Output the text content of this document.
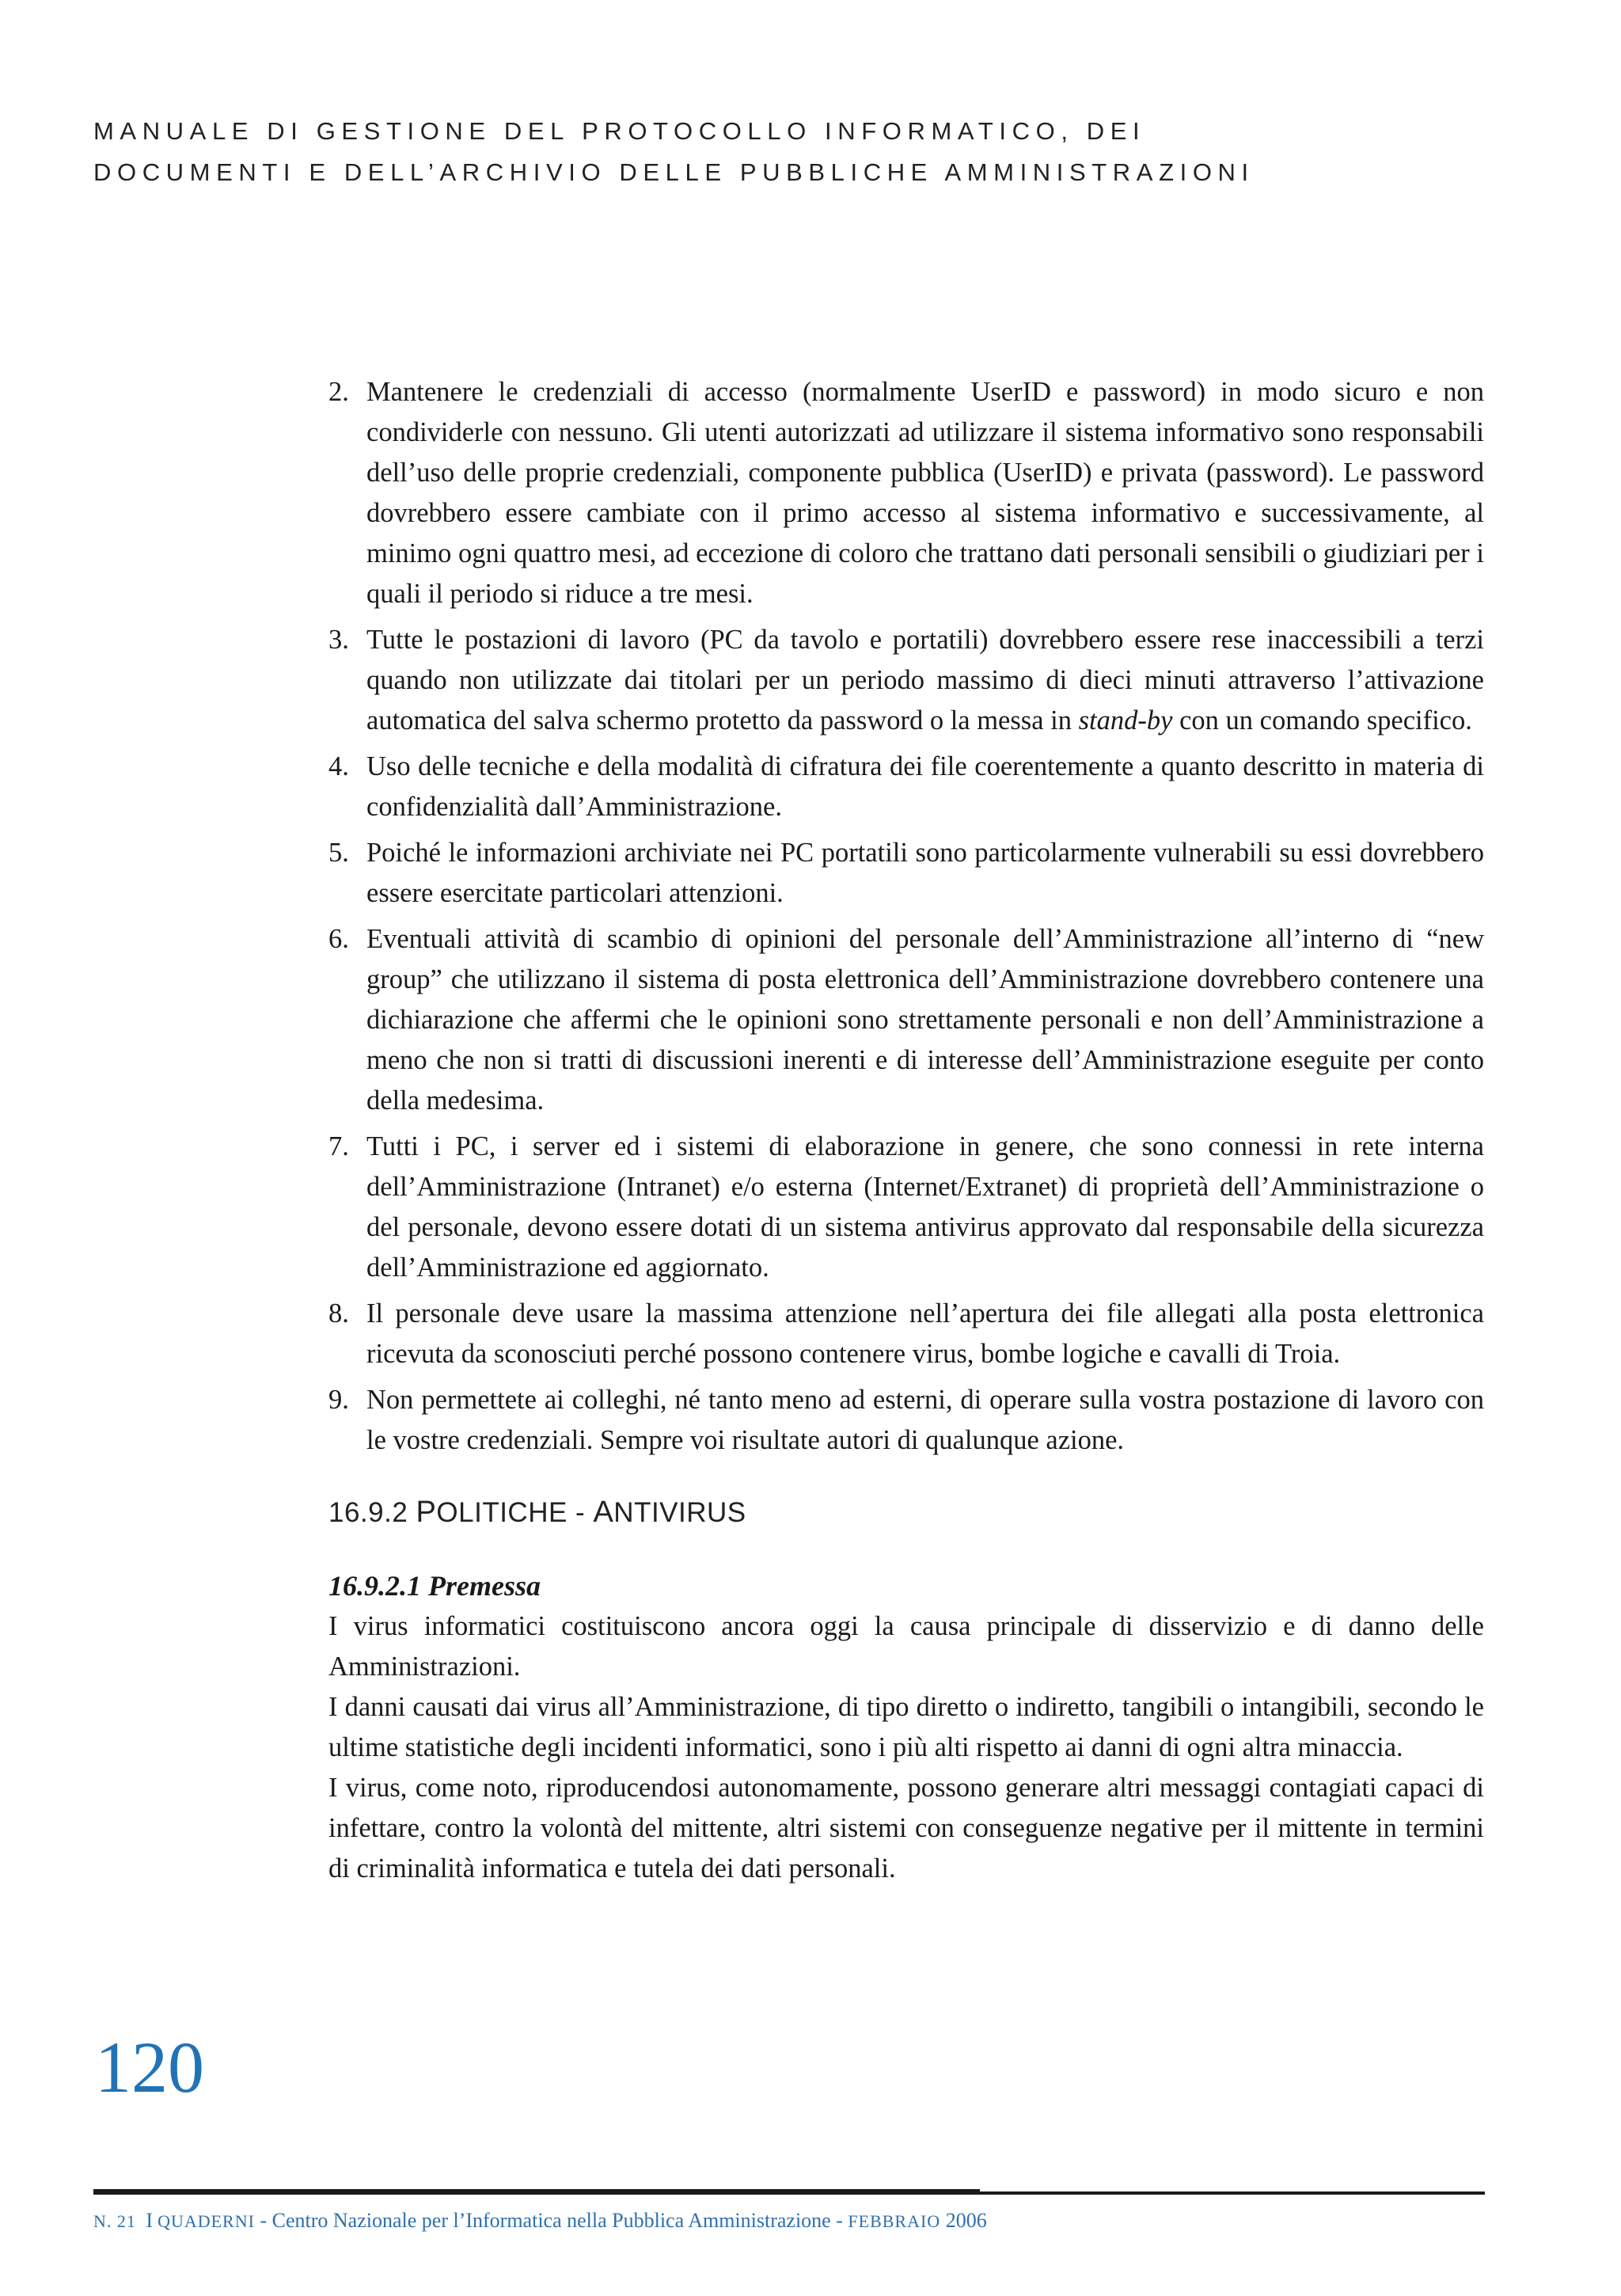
MANUALE DI GESTIONE DEL PROTOCOLLO INFORMATICO, DEI
DOCUMENTI E DELL’ARCHIVIO DELLE PUBBLICHE AMMINISTRAZIONI
2. Mantenere le credenziali di accesso (normalmente UserID e password) in modo sicuro e non condividerle con nessuno. Gli utenti autorizzati ad utilizzare il sistema informativo sono responsabili dell’uso delle proprie credenziali, componente pubblica (UserID) e privata (password). Le password dovrebbero essere cambiate con il primo accesso al sistema informativo e successivamente, al minimo ogni quattro mesi, ad eccezione di coloro che trattano dati personali sensibili o giudiziari per i quali il periodo si riduce a tre mesi.
3. Tutte le postazioni di lavoro (PC da tavolo e portatili) dovrebbero essere rese inaccessibili a terzi quando non utilizzate dai titolari per un periodo massimo di dieci minuti attraverso l’attivazione automatica del salva schermo protetto da password o la messa in stand-by con un comando specifico.
4. Uso delle tecniche e della modalità di cifratura dei file coerentemente a quanto descritto in materia di confidenzialità dall’Amministrazione.
5. Poiché le informazioni archiviate nei PC portatili sono particolarmente vulnerabili su essi dovrebbero essere esercitate particolari attenzioni.
6. Eventuali attività di scambio di opinioni del personale dell’Amministrazione all’interno di “new group” che utilizzano il sistema di posta elettronica dell’Amministrazione dovrebbero contenere una dichiarazione che affermi che le opinioni sono strettamente personali e non dell’Amministrazione a meno che non si tratti di discussioni inerenti e di interesse dell’Amministrazione eseguite per conto della medesima.
7. Tutti i PC, i server ed i sistemi di elaborazione in genere, che sono connessi in rete interna dell’Amministrazione (Intranet) e/o esterna (Internet/Extranet) di proprietà dell’Amministrazione o del personale, devono essere dotati di un sistema antivirus approvato dal responsabile della sicurezza dell’Amministrazione ed aggiornato.
8. Il personale deve usare la massima attenzione nell’apertura dei file allegati alla posta elettronica ricevuta da sconosciuti perché possono contenere virus, bombe logiche e cavalli di Troia.
9. Non permettete ai colleghi, né tanto meno ad esterni, di operare sulla vostra postazione di lavoro con le vostre credenziali. Sempre voi risultate autori di qualunque azione.
16.9.2 POLITICHE - ANTIVIRUS
16.9.2.1 Premessa

I virus informatici costituiscono ancora oggi la causa principale di disservizio e di danno delle Amministrazioni.

I danni causati dai virus all’Amministrazione, di tipo diretto o indiretto, tangibili o intangibili, secondo le ultime statistiche degli incidenti informatici, sono i più alti rispetto ai danni di ogni altra minaccia.

I virus, come noto, riproducendosi autonomamente, possono generare altri messaggi contagiati capaci di infettare, contro la volontà del mittente, altri sistemi con conseguenze negative per il mittente in termini di criminalità informatica e tutela dei dati personali.

120
N. 21 I QUADERNI - Centro Nazionale per l’Informatica nella Pubblica Amministrazione - FEBBRAIO 2006
